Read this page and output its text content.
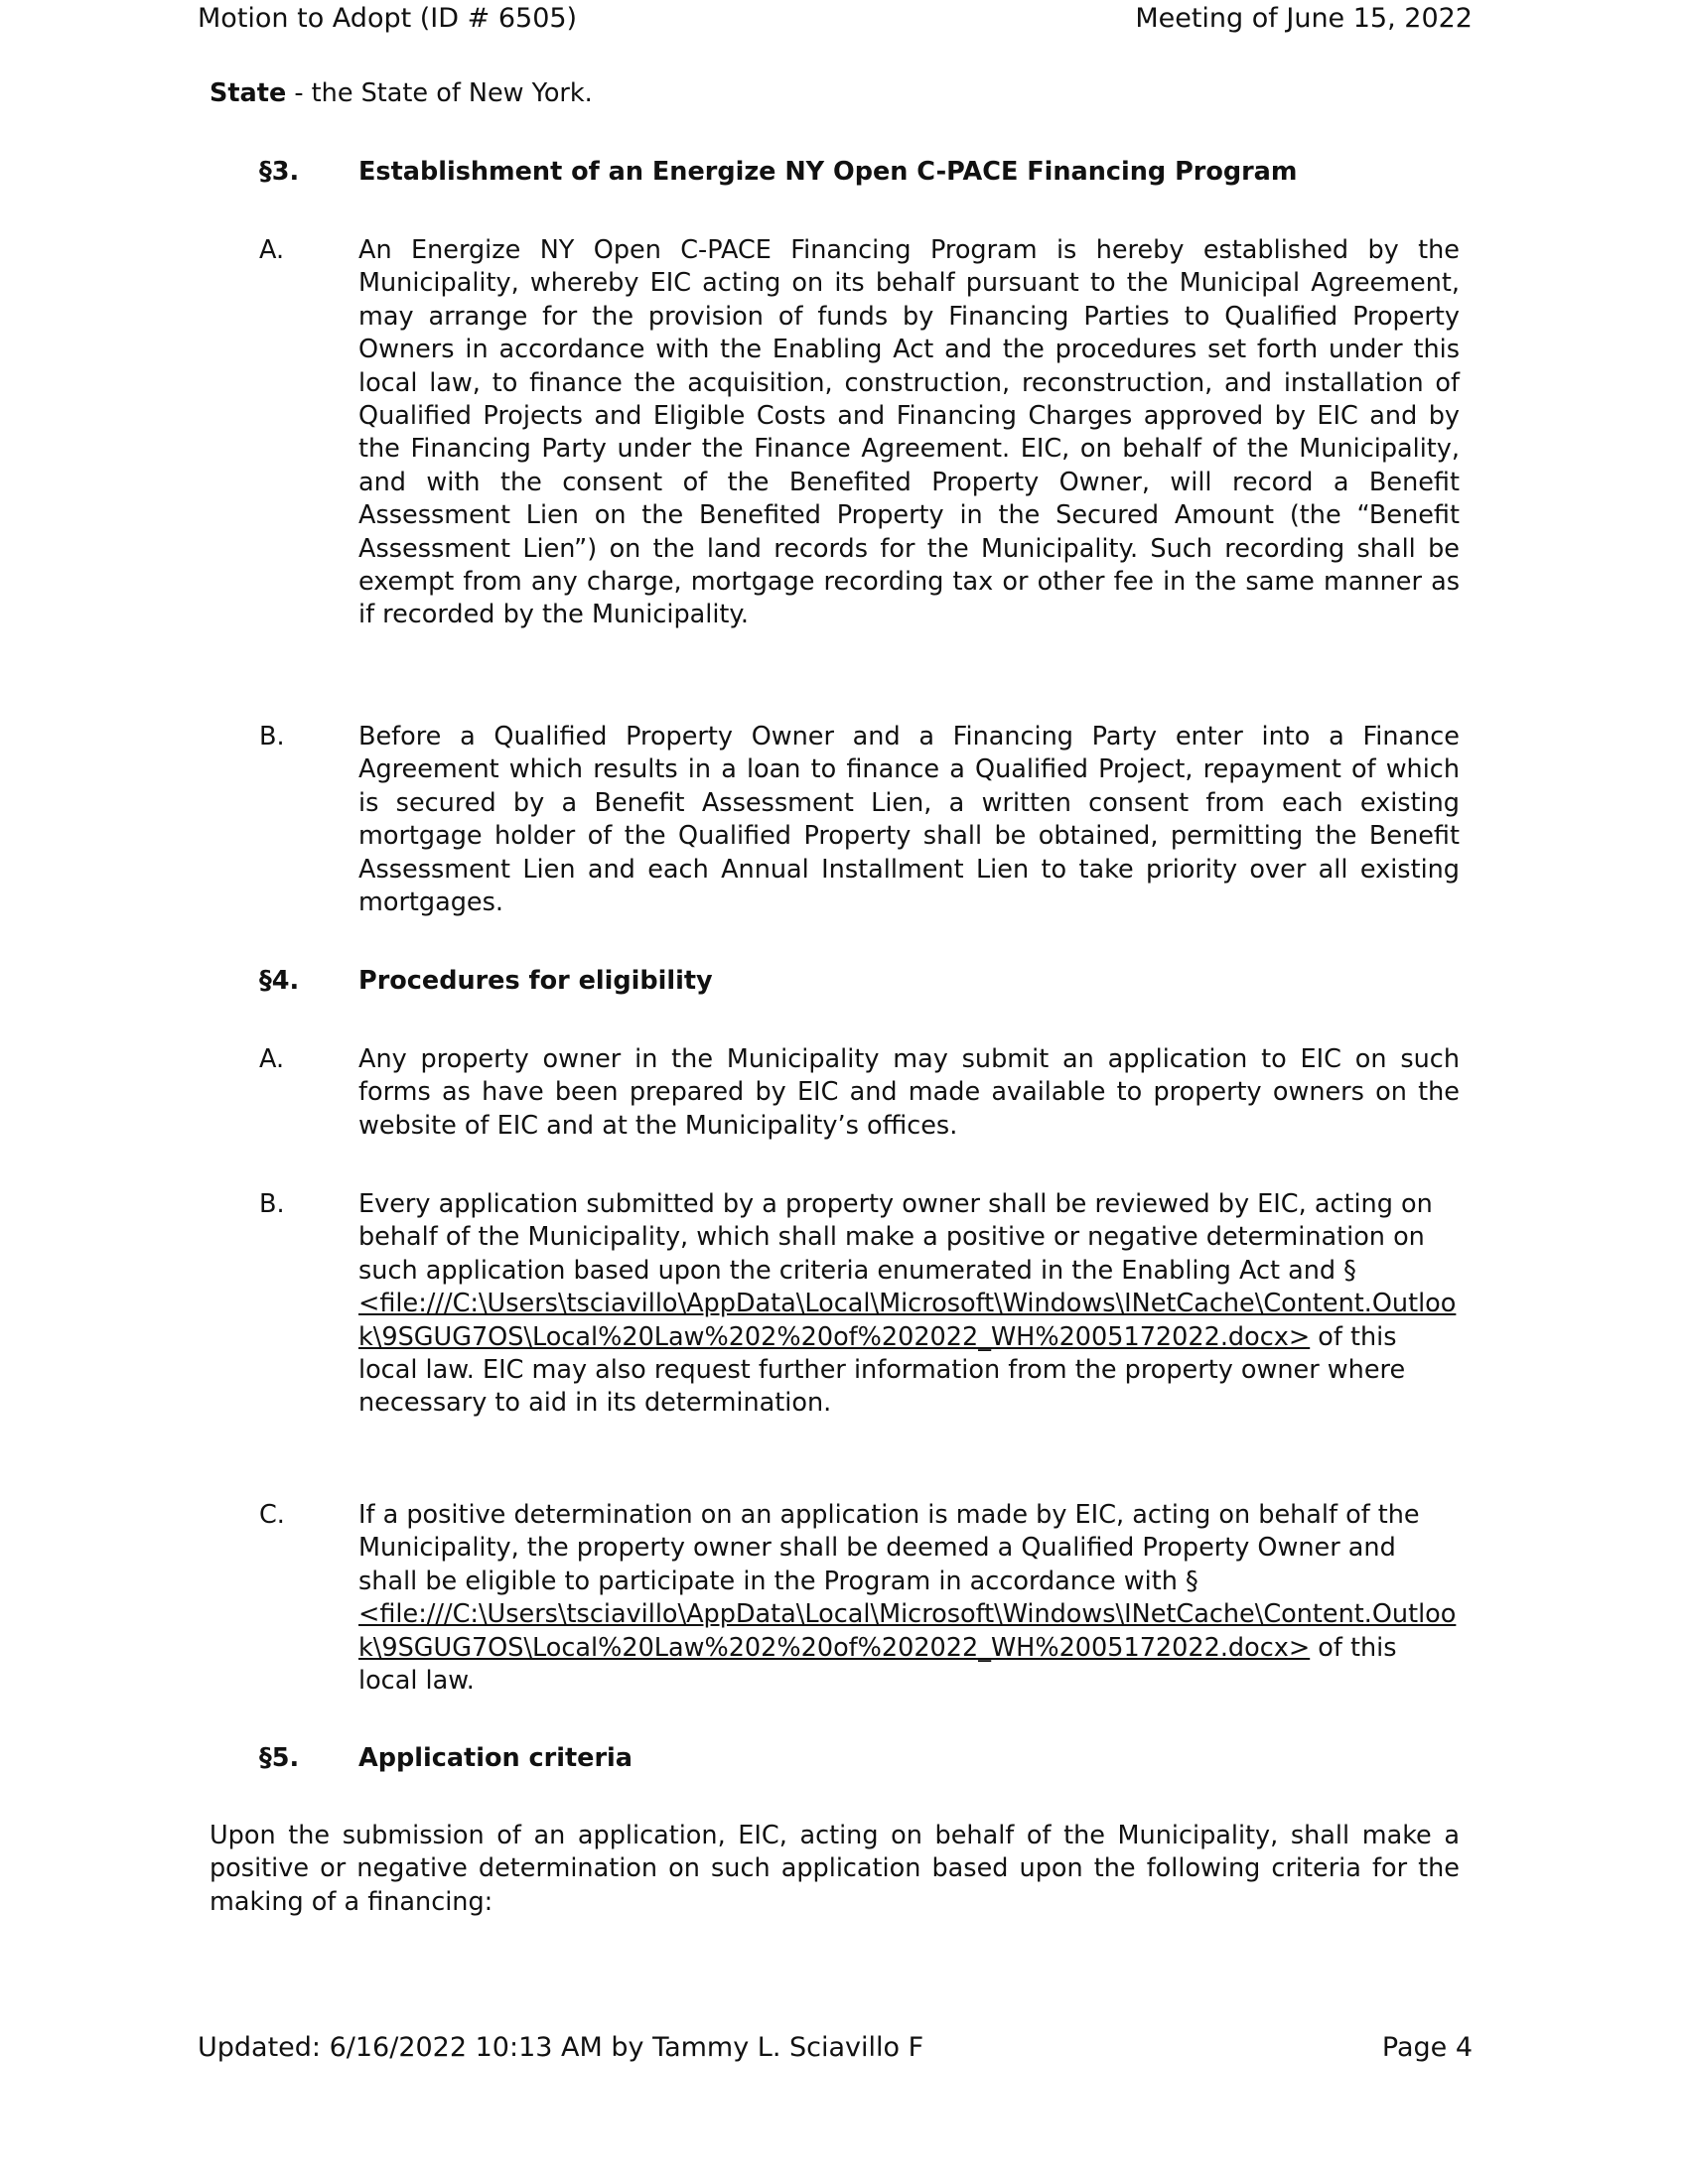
Motion to Adopt (ID # 6505)	Meeting of June 15, 2022
State - the State of New York.
§3. Establishment of an Energize NY Open C-PACE Financing Program
A.	An Energize NY Open C-PACE Financing Program is hereby established by the Municipality, whereby EIC acting on its behalf pursuant to the Municipal Agreement, may arrange for the provision of funds by Financing Parties to Qualified Property Owners in accordance with the Enabling Act and the procedures set forth under this local law, to finance the acquisition, construction, reconstruction, and installation of Qualified Projects and Eligible Costs and Financing Charges approved by EIC and by the Financing Party under the Finance Agreement. EIC, on behalf of the Municipality, and with the consent of the Benefited Property Owner, will record a Benefit Assessment Lien on the Benefited Property in the Secured Amount (the “Benefit Assessment Lien”) on the land records for the Municipality. Such recording shall be exempt from any charge, mortgage recording tax or other fee in the same manner as if recorded by the Municipality.
B.	Before a Qualified Property Owner and a Financing Party enter into a Finance Agreement which results in a loan to finance a Qualified Project, repayment of which is secured by a Benefit Assessment Lien, a written consent from each existing mortgage holder of the Qualified Property shall be obtained, permitting the Benefit Assessment Lien and each Annual Installment Lien to take priority over all existing mortgages.
§4. Procedures for eligibility
A.	Any property owner in the Municipality may submit an application to EIC on such forms as have been prepared by EIC and made available to property owners on the website of EIC and at the Municipality’s offices.
B.	Every application submitted by a property owner shall be reviewed by EIC, acting on behalf of the Municipality, which shall make a positive or negative determination on such application based upon the criteria enumerated in the Enabling Act and §
<file:///C:\Users\tsciavillo\AppData\Local\Microsoft\Windows\INetCache\Content.Outlook\9SGUG7OS\Local%20Law%202%20of%202022_WH%2005172022.docx> of this local law. EIC may also request further information from the property owner where necessary to aid in its determination.
C.	If a positive determination on an application is made by EIC, acting on behalf of the Municipality, the property owner shall be deemed a Qualified Property Owner and shall be eligible to participate in the Program in accordance with §
<file:///C:\Users\tsciavillo\AppData\Local\Microsoft\Windows\INetCache\Content.Outlook\9SGUG7OS\Local%20Law%202%20of%202022_WH%2005172022.docx> of this local law.
§5. Application criteria
Upon the submission of an application, EIC, acting on behalf of the Municipality, shall make a positive or negative determination on such application based upon the following criteria for the making of a financing:
Updated: 6/16/2022 10:13 AM by Tammy L. Sciavillo F	Page 4
